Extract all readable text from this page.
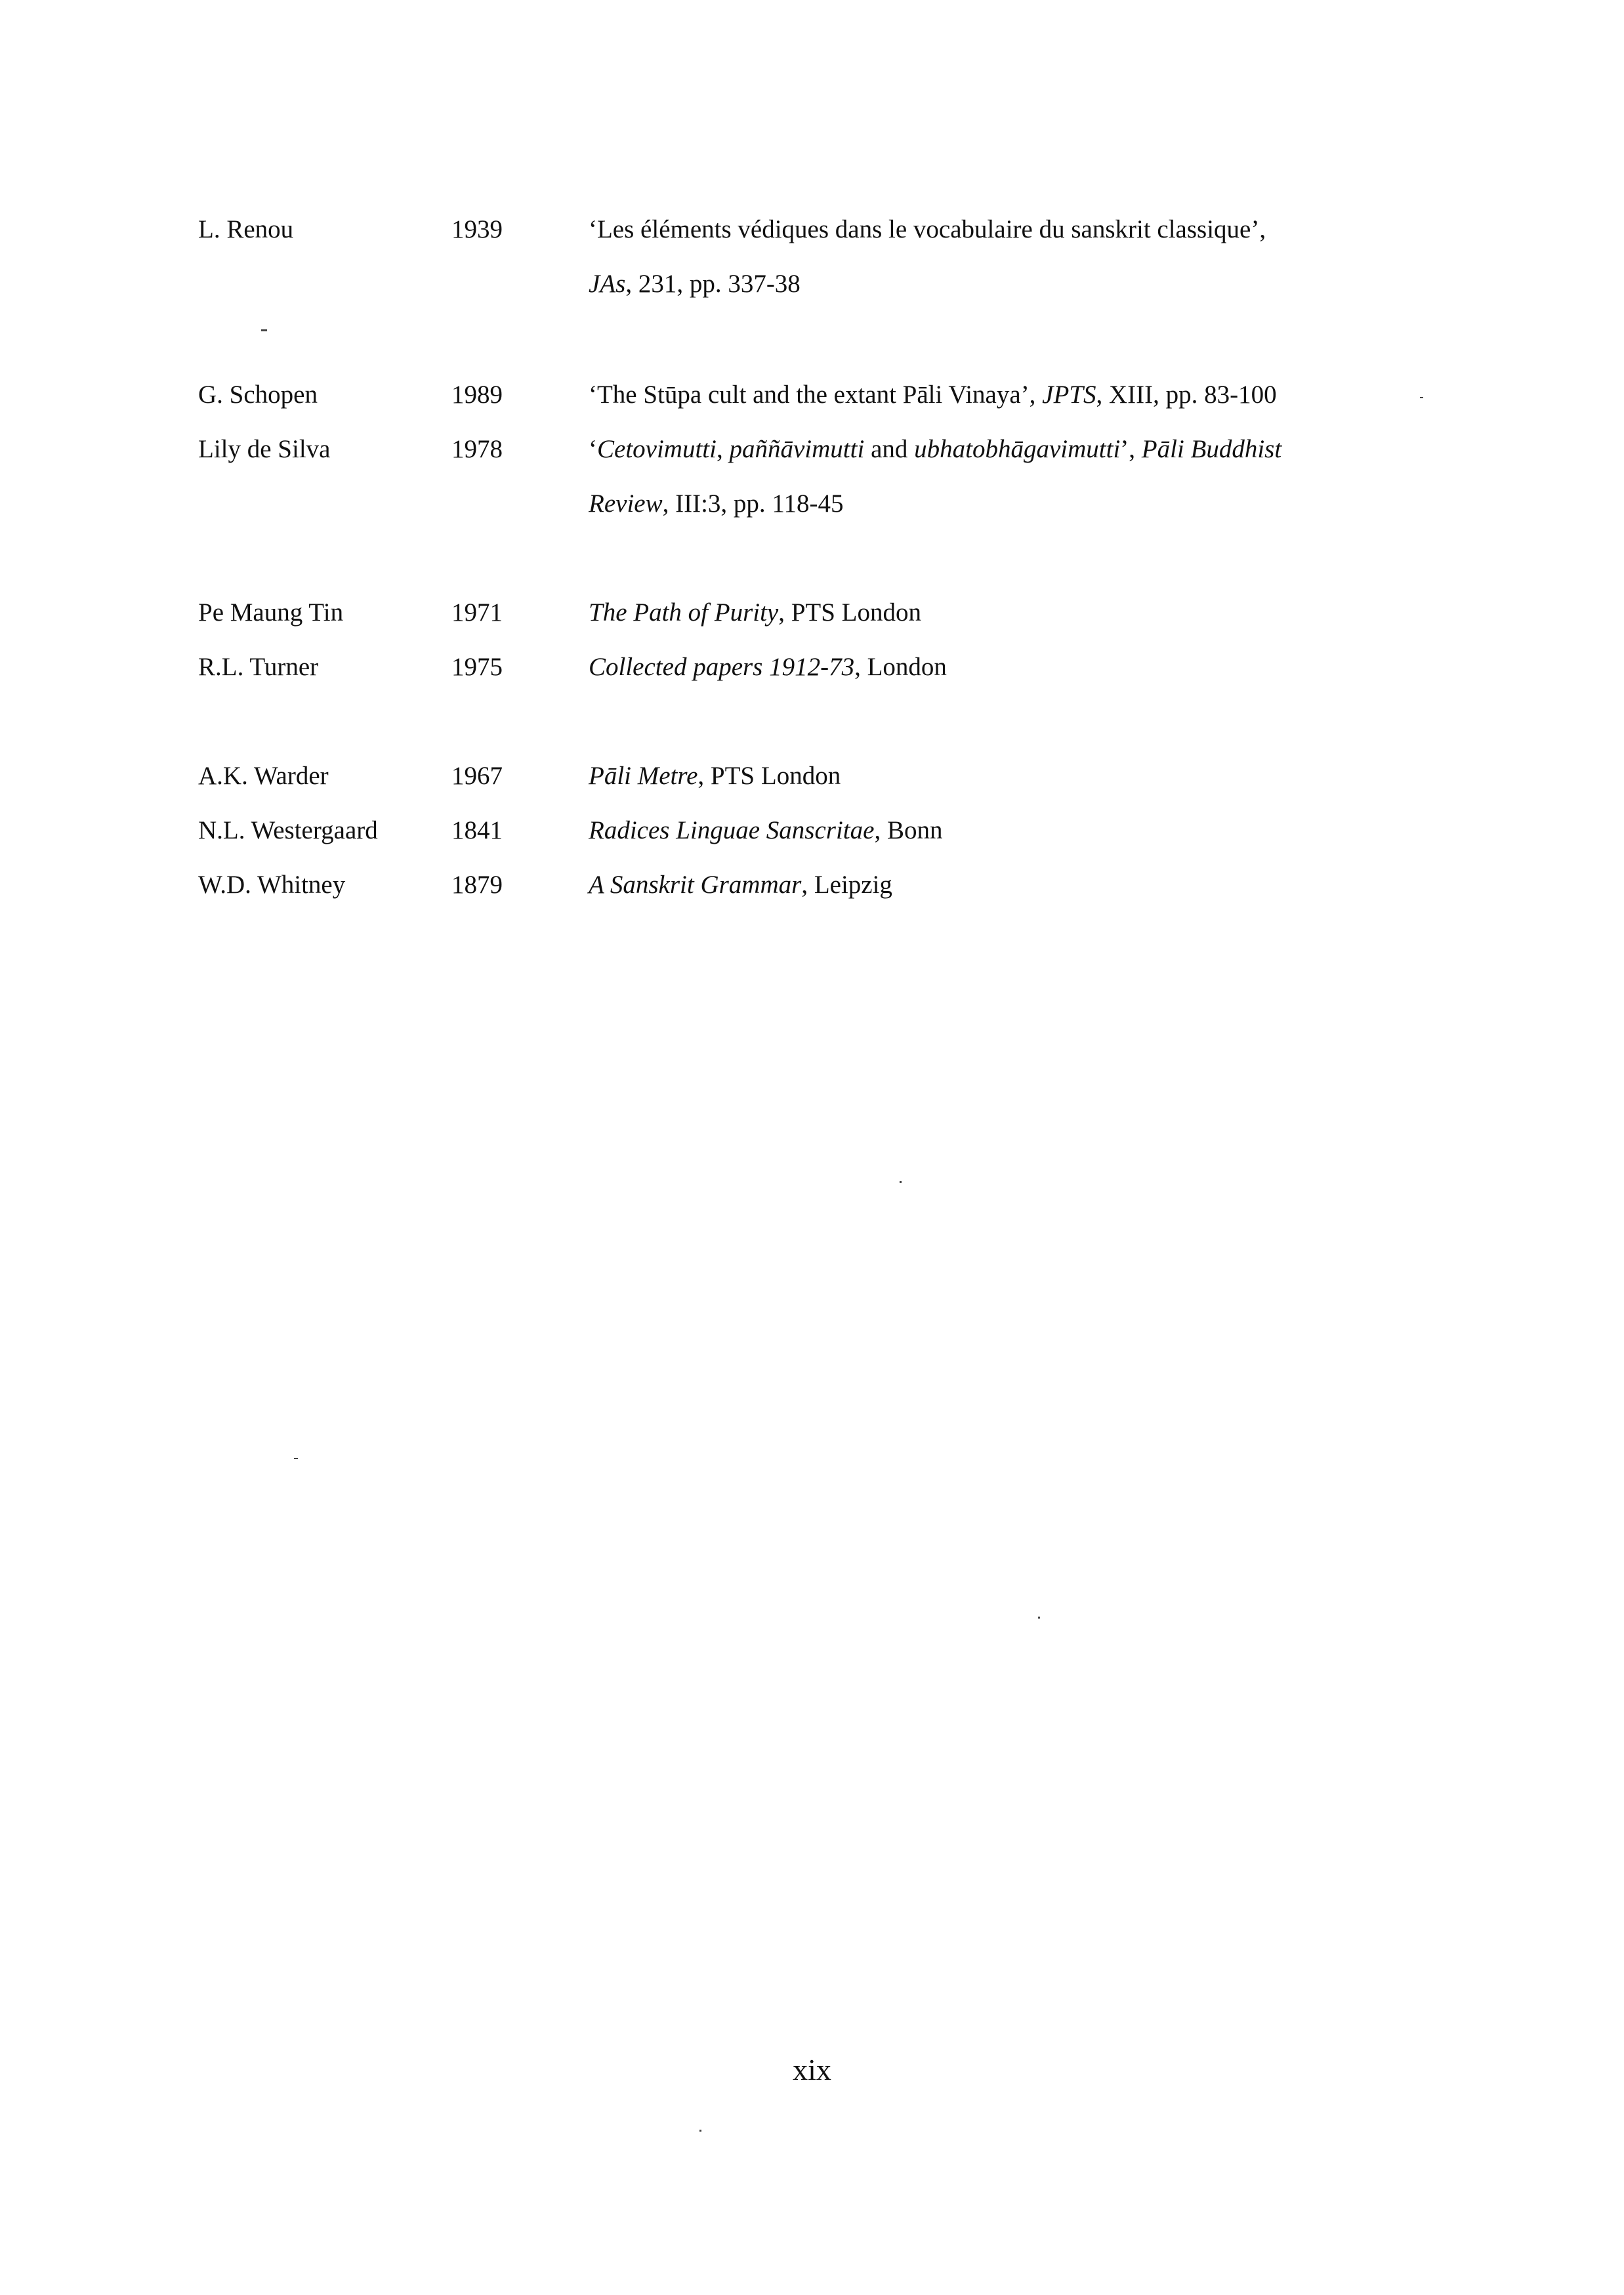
L. Renou	1939	‘Les éléments védiques dans le vocabulaire du sanskrit classique’,
JAs, 231, pp. 337-38
G. Schopen	1989	‘The Stūpa cult and the extant Pāli Vinaya’, JPTS, XIII, pp. 83-100
Lily de Silva	1978	‘Cetovimutti, paññāvimutti and ubhatobhāgavimutti’, Pāli Buddhist
Review, III:3, pp. 118-45
Pe Maung Tin	1971	The Path of Purity, PTS London
R.L. Turner	1975	Collected papers 1912-73, London
A.K. Warder	1967	Pāli Metre, PTS London
N.L. Westergaard	1841	Radices Linguae Sanscritae, Bonn
W.D. Whitney	1879	A Sanskrit Grammar, Leipzig
xix
